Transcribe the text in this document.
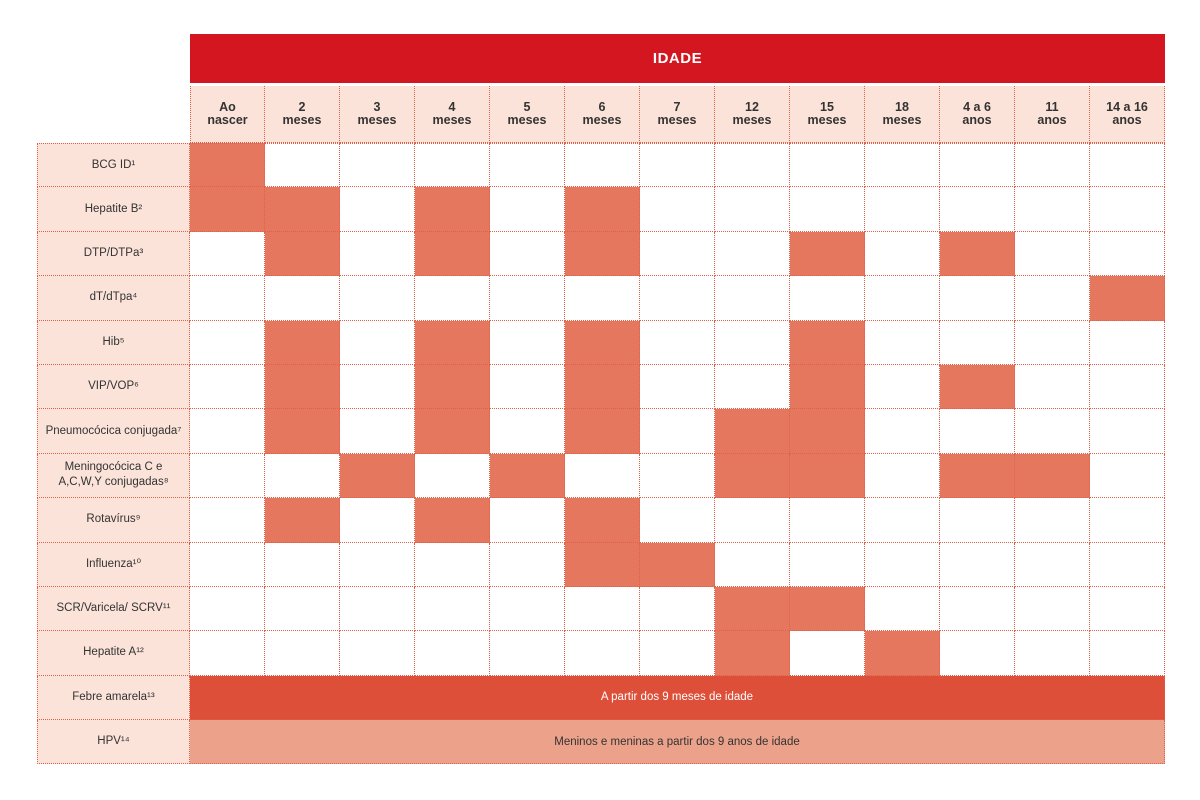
IDADE
Ao
nascer
2
meses
3
meses
4
meses
5
meses
6
meses
7
meses
12
meses
15
meses
18
meses
4 a 6
anos
11
anos
14 a 16
anos
BCG ID¹
Hepatite B²
DTP/DTPa³
dT/dTpa⁴
Hib⁵
VIP/VOP⁶
Pneumocócica conjugada⁷
Meningocócica C e A,C,W,Y conjugadas⁸
Rotavírus⁹
Influenza¹⁰
SCR/Varicela/ SCRV¹¹
Hepatite A¹²
Febre amarela¹³	A partir dos 9 meses de idade
HPV¹⁴	Meninos e meninas a partir dos 9 anos de idade
